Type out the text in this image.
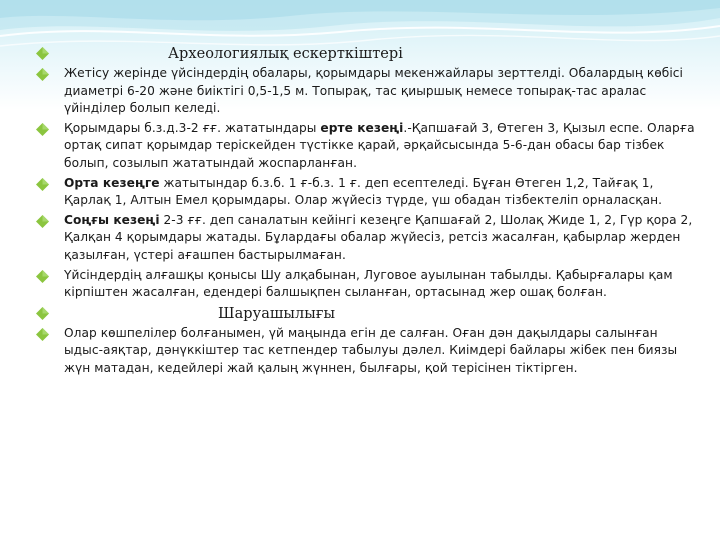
Археологиялық ескерткіштері
Жетісу жерінде үйсіндердің обалары, қорымдары мекенжайлары зерттелді. Обалардың көбісі диаметрі 6-20 және биіктігі 0,5-1,5 м. Топырақ, тас қиыршық немесе топырақ-тас аралас үйінділер болып келеді.
Қорымдары б.з.д.3-2 ғғ. жататындары ерте кезеңі.-Қапшағай 3, Өтеген 3, Қызыл еспе. Оларға ортақ сипат қорымдар теріскейден түстікке қарай, әрқайсысында 5-6-дан обасы бар тізбек болып, созылып жататындай жоспарланған.
Орта кезеңге жатытындар б.з.б. 1 ғ-б.з. 1 ғ. деп есептеледі. Бұған Өтеген 1,2, Тайғақ 1, Қарлақ 1, Алтын Емел қорымдары. Олар жүйесіз түрде, үш обадан тізбектеліп орналасқан.
Соңғы кезеңі 2-3 ғғ. деп саналатын кейінгі кезеңге Қапшағай 2, Шолақ Жиде 1, 2, Гүр қора 2, Қалқан 4 қорымдары жатады. Бұлардағы обалар жүйесіз, ретсіз жасалған, қабырлар жерден қазылған, үстері ағашпен бастырылмаған.
Үйсіндердің алғашқы қонысы Шу алқабынан, Луговое ауылынан табылды. Қабырғалары қам кірпіштен жасалған, едендері балшықпен сыланған, ортасынад жер ошақ болған.
Шаруашылығы
Олар көшпелілер болғанымен, үй маңында егін де салған. Оған дән дақылдары салынған ыдыс-аяқтар, дәнүккіштер тас кетпендер табылуы дәлел. Киімдері байлары жібек пен биязы жүн матадан, кедейлері жай қалың жүннен, былғары, қой терісінен тіктірген.
